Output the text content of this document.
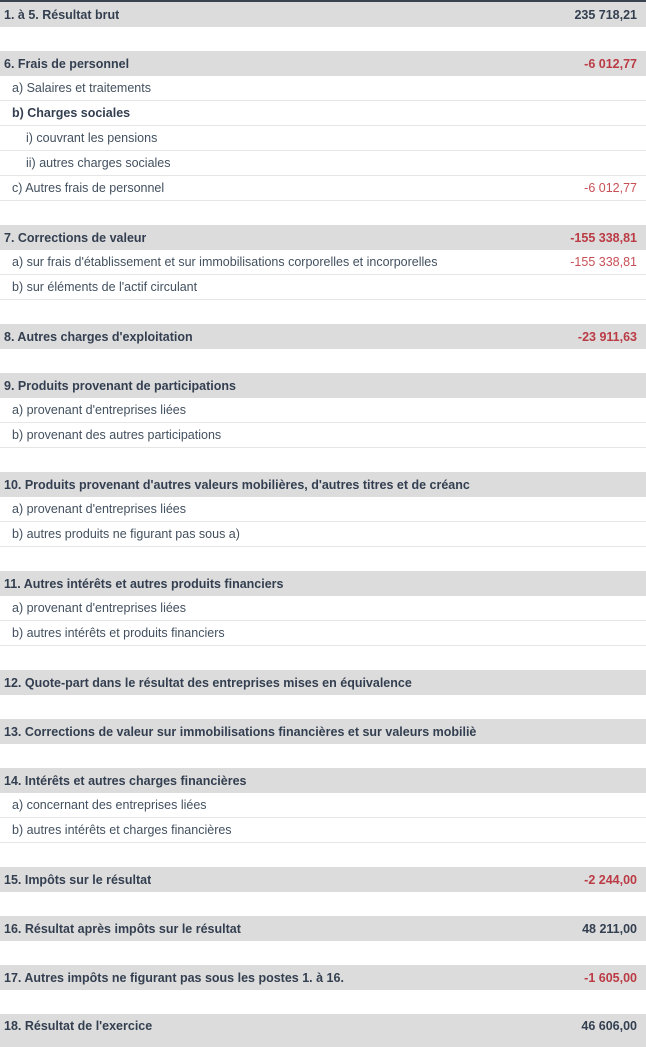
1. à 5. Résultat brut	235 718,21
6. Frais de personnel	-6 012,77
a) Salaires et traitements
b) Charges sociales
i) couvrant les pensions
ii) autres charges sociales
c) Autres frais de personnel	-6 012,77
7. Corrections de valeur	-155 338,81
a) sur frais d'établissement et sur immobilisations corporelles et incorporelles	-155 338,81
b) sur éléments de l'actif circulant
8. Autres charges d'exploitation	-23 911,63
9. Produits provenant de participations
a) provenant d'entreprises liées
b) provenant des autres participations
10. Produits provenant d'autres valeurs mobilières, d'autres titres et de créanc
a) provenant d'entreprises liées
b) autres produits ne figurant pas sous a)
11. Autres intérêts et autres produits financiers
a) provenant d'entreprises liées
b) autres intérêts et produits financiers
12. Quote-part dans le résultat des entreprises mises en équivalence
13. Corrections de valeur sur immobilisations financières et sur valeurs mobiliè
14. Intérêts et autres charges financières
a) concernant des entreprises liées
b) autres intérêts et charges financières
15. Impôts sur le résultat	-2 244,00
16. Résultat après impôts sur le résultat	48 211,00
17. Autres impôts ne figurant pas sous les postes 1. à 16.	-1 605,00
18. Résultat de l'exercice	46 606,00
